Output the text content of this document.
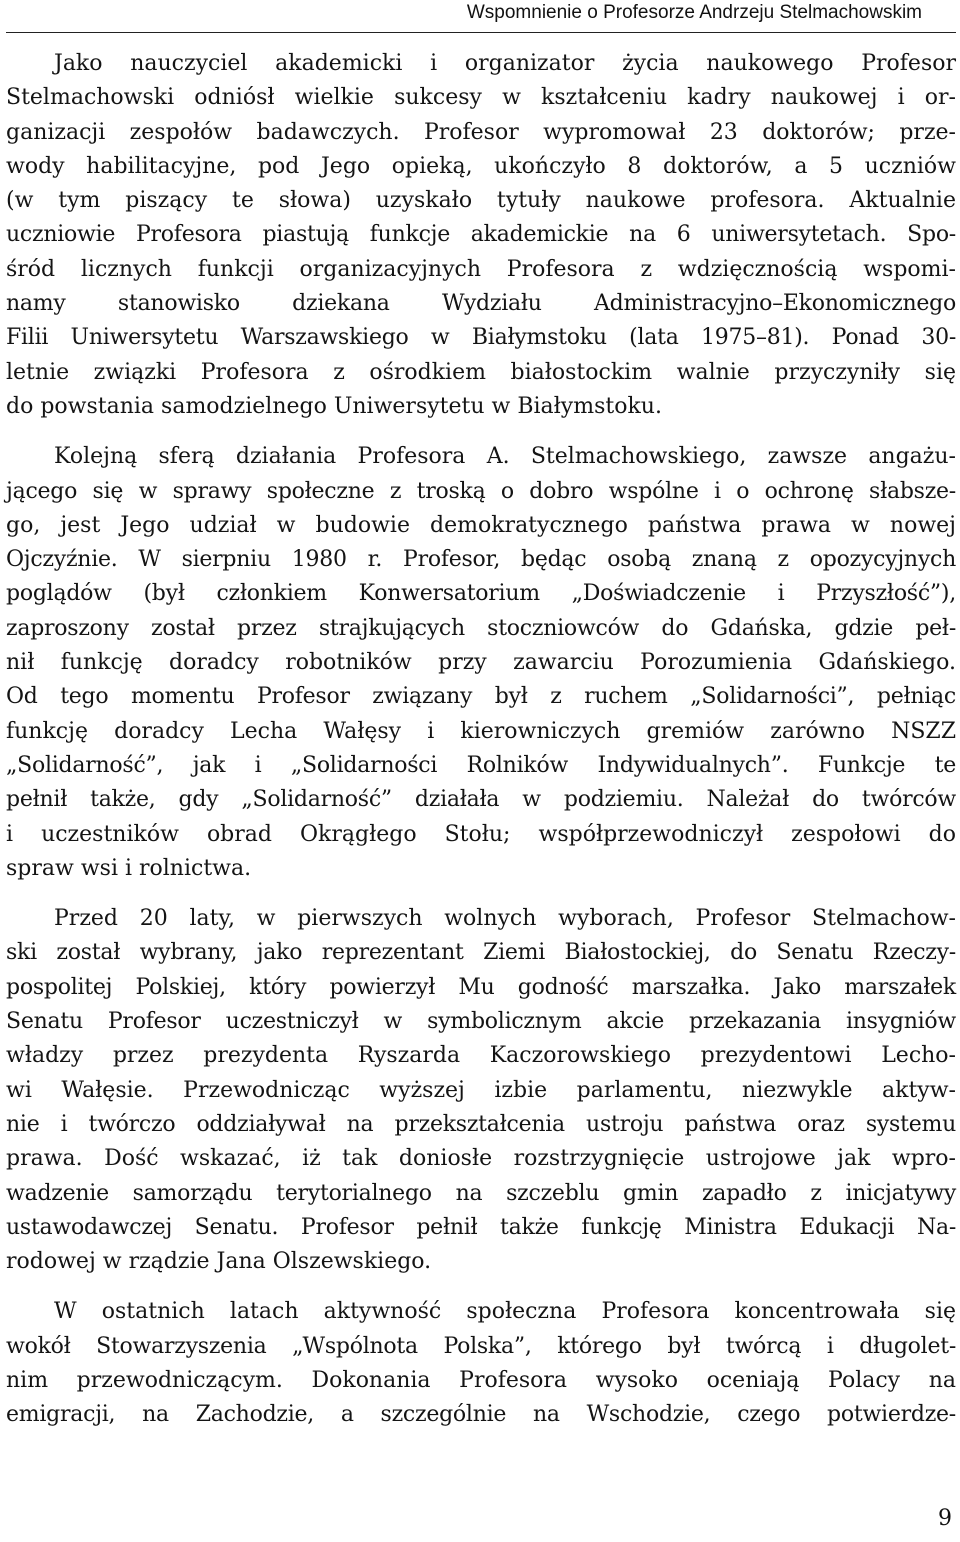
Wspomnienie o Profesorze Andrzeju Stelmachowskim
Jako nauczyciel akademicki i organizator życia naukowego Profesor
Stelmachowski odniósł wielkie sukcesy w kształceniu kadry naukowej i or-
ganizacji zespołów badawczych. Profesor wypromował 23 doktorów; prze-
wody habilitacyjne, pod Jego opieką, ukończyło 8 doktorów, a 5 uczniów
(w tym piszący te słowa) uzyskało tytuły naukowe profesora. Aktualnie
uczniowie Profesora piastują funkcje akademickie na 6 uniwersytetach. Spo-
śród licznych funkcji organizacyjnych Profesora z wdzięcznością wspomi-
namy stanowisko dziekana Wydziału Administracyjno–Ekonomicznego
Filii Uniwersytetu Warszawskiego w Białymstoku (lata 1975–81). Ponad 30-
letnie związki Profesora z ośrodkiem białostockim walnie przyczyniły się
do powstania samodzielnego Uniwersytetu w Białymstoku.
Kolejną sferą działania Profesora A. Stelmachowskiego, zawsze angażu-
jącego się w sprawy społeczne z troską o dobro wspólne i o ochronę słabsze-
go, jest Jego udział w budowie demokratycznego państwa prawa w nowej
Ojczyźnie. W sierpniu 1980 r. Profesor, będąc osobą znaną z opozycyjnych
poglądów (był członkiem Konwersatorium „Doświadczenie i Przyszłość”),
zaproszony został przez strajkujących stoczniowców do Gdańska, gdzie peł-
nił funkcję doradcy robotników przy zawarciu Porozumienia Gdańskiego.
Od tego momentu Profesor związany był z ruchem „Solidarności”, pełniąc
funkcję doradcy Lecha Wałęsy i kierowniczych gremiów zarówno NSZZ
„Solidarność”, jak i „Solidarności Rolników Indywidualnych”. Funkcje te
pełnił także, gdy „Solidarność” działała w podziemiu. Należał do twórców
i uczestników obrad Okrągłego Stołu; współprzewodniczył zespołowi do
spraw wsi i rolnictwa.
Przed 20 laty, w pierwszych wolnych wyborach, Profesor Stelmachow-
ski został wybrany, jako reprezentant Ziemi Białostockiej, do Senatu Rzeczy-
pospolitej Polskiej, który powierzył Mu godność marszałka. Jako marszałek
Senatu Profesor uczestniczył w symbolicznym akcie przekazania insygniów
władzy przez prezydenta Ryszarda Kaczorowskiego prezydentowi Lecho-
wi Wałęsie. Przewodnicząc wyższej izbie parlamentu, niezwykle aktyw-
nie i twórczo oddziaływał na przekształcenia ustroju państwa oraz systemu
prawa. Dość wskazać, iż tak doniosłe rozstrzygnięcie ustrojowe jak wpro-
wadzenie samorządu terytorialnego na szczeblu gmin zapadło z inicjatywy
ustawodawczej Senatu. Profesor pełnił także funkcję Ministra Edukacji Na-
rodowej w rządzie Jana Olszewskiego.
W ostatnich latach aktywność społeczna Profesora koncentrowała się
wokół Stowarzyszenia „Wspólnota Polska”, którego był twórcą i długolet-
nim przewodniczącym. Dokonania Profesora wysoko oceniają Polacy na
emigracji, na Zachodzie, a szczególnie na Wschodzie, czego potwierdze-
9
